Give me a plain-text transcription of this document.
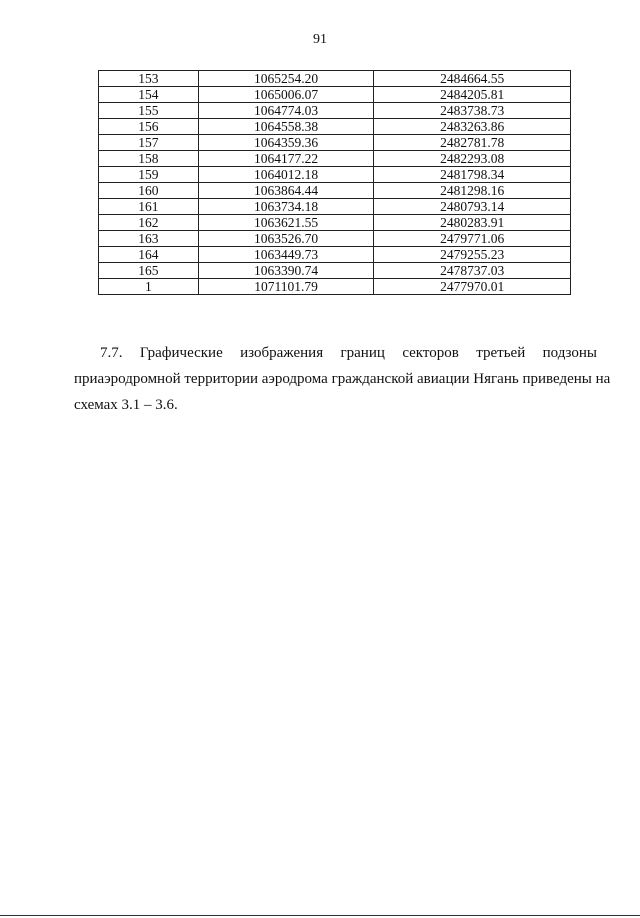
91
153	1065254.20	2484664.55
154	1065006.07	2484205.81
155	1064774.03	2483738.73
156	1064558.38	2483263.86
157	1064359.36	2482781.78
158	1064177.22	2482293.08
159	1064012.18	2481798.34
160	1063864.44	2481298.16
161	1063734.18	2480793.14
162	1063621.55	2480283.91
163	1063526.70	2479771.06
164	1063449.73	2479255.23
165	1063390.74	2478737.03
1	1071101.79	2477970.01
7.7. Графические изображения границ секторов третьей подзоны
приаэродромной территории аэродрома гражданской авиации Нягань приведены на
схемах 3.1 – 3.6.
